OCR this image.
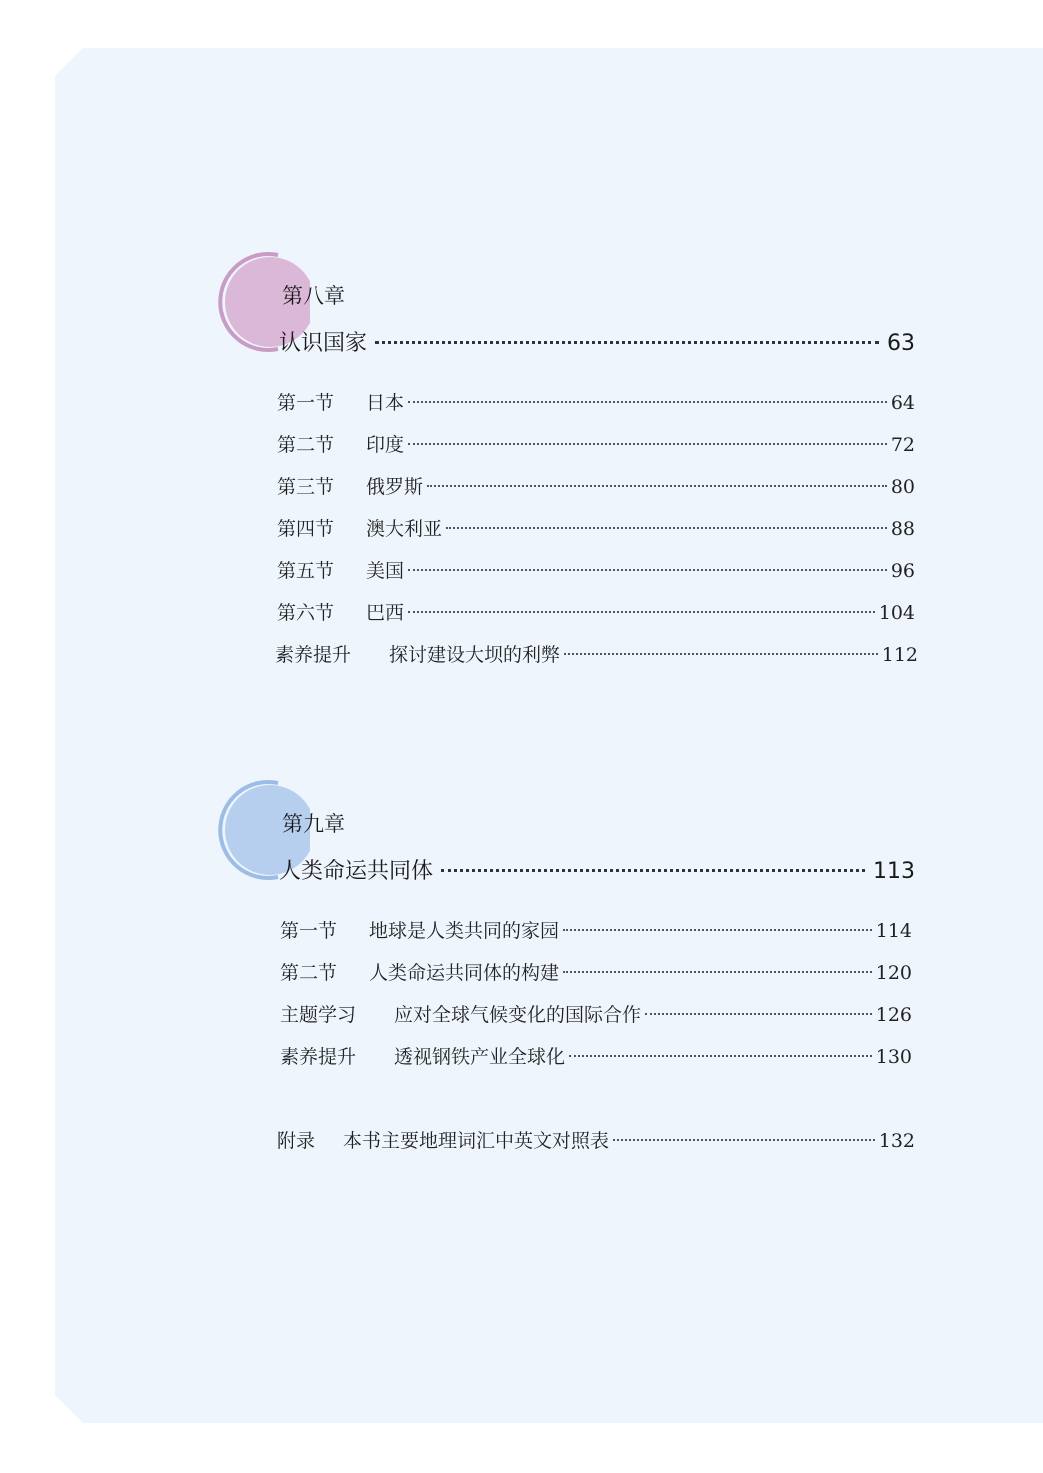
第八章
认识国家	63
第一节	日本	64
第二节	印度	72
第三节	俄罗斯	80
第四节	澳大利亚	88
第五节	美国	96
第六节	巴西	104
素养提升	探讨建设大坝的利弊	112
第九章
人类命运共同体	113
第一节	地球是人类共同的家园	114
第二节	人类命运共同体的构建	120
主题学习	应对全球气候变化的国际合作	126
素养提升	透视钢铁产业全球化	130
附录	本书主要地理词汇中英文对照表	132
